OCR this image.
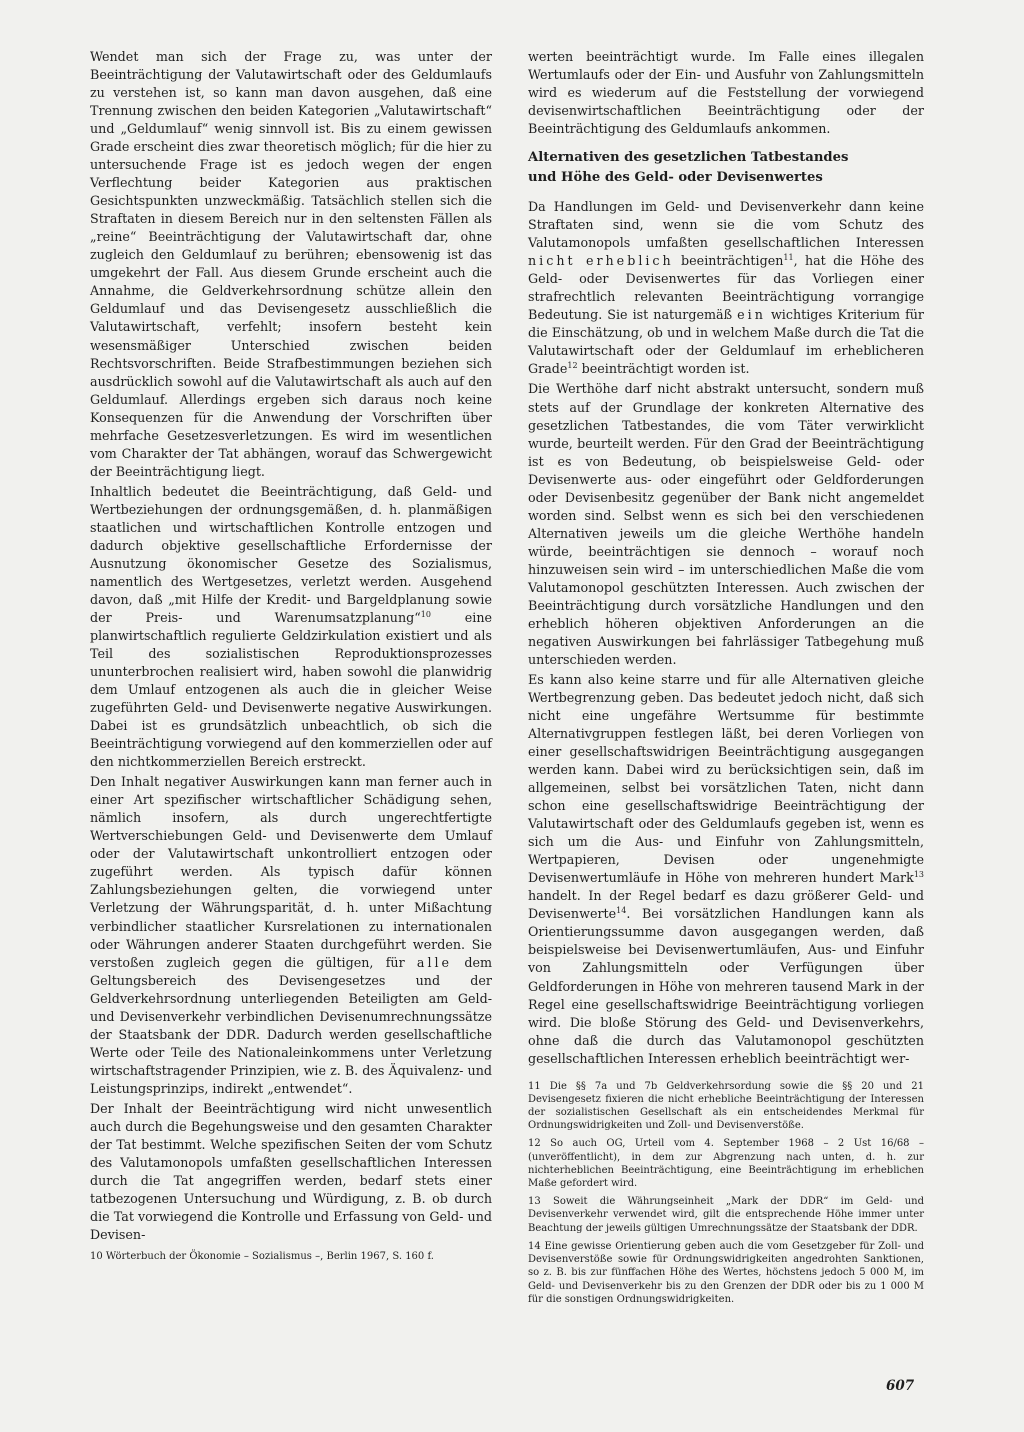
Wendet man sich der Frage zu, was unter der Beeinträchtigung der Valutawirtschaft oder des Geldumlaufs zu verstehen ist, so kann man davon ausgehen, daß eine Trennung zwischen den beiden Kategorien „Valutawirtschaft“ und „Geldumlauf“ wenig sinnvoll ist. Bis zu einem gewissen Grade erscheint dies zwar theoretisch möglich; für die hier zu untersuchende Frage ist es jedoch wegen der engen Verflechtung beider Kategorien aus praktischen Gesichtspunkten unzweckmäßig. Tatsächlich stellen sich die Straftaten in diesem Bereich nur in den seltensten Fällen als „reine“ Beeinträchtigung der Valutawirtschaft dar, ohne zugleich den Geldumlauf zu berühren; ebensowenig ist das umgekehrt der Fall. Aus diesem Grunde erscheint auch die Annahme, die Geldverkehrsordnung schütze allein den Geldumlauf und das Devisengesetz ausschließlich die Valutawirtschaft, verfehlt; insofern besteht kein wesensmäßiger Unterschied zwischen beiden Rechtsvorschriften. Beide Strafbestimmungen beziehen sich ausdrücklich sowohl auf die Valutawirtschaft als auch auf den Geldumlauf. Allerdings ergeben sich daraus noch keine Konsequenzen für die Anwendung der Vorschriften über mehrfache Gesetzesverletzungen. Es wird im wesentlichen vom Charakter der Tat abhängen, worauf das Schwergewicht der Beeinträchtigung liegt.

Inhaltlich bedeutet die Beeinträchtigung, daß Geld- und Wertbeziehungen der ordnungsgemäßen, d. h. planmäßigen staatlichen und wirtschaftlichen Kontrolle entzogen und dadurch objektive gesellschaftliche Erfordernisse der Ausnutzung ökonomischer Gesetze des Sozialismus, namentlich des Wertgesetzes, verletzt werden. Ausgehend davon, daß „mit Hilfe der Kredit- und Bargeldplanung sowie der Preis- und Warenumsatzplanung“$^{10}$ eine planwirtschaftlich regulierte Geldzirkulation existiert und als Teil des sozialistischen Reproduktionsprozesses ununterbrochen realisiert wird, haben sowohl die planwidrig dem Umlauf entzogenen als auch die in gleicher Weise zugeführten Geld- und Devisenwerte negative Auswirkungen. Dabei ist es grundsätzlich unbeachtlich, ob sich die Beeinträchtigung vorwiegend auf den kommerziellen oder auf den nichtkommerziellen Bereich erstreckt.

Den Inhalt negativer Auswirkungen kann man ferner auch in einer Art spezifischer wirtschaftlicher Schädigung sehen, nämlich insofern, als durch ungerechtfertigte Wertverschiebungen Geld- und Devisenwerte dem Umlauf oder der Valutawirtschaft unkontrolliert entzogen oder zugeführt werden. Als typisch dafür können Zahlungsbeziehungen gelten, die vorwiegend unter Verletzung der Währungsparität, d. h. unter Mißachtung verbindlicher staatlicher Kursrelationen zu internationalen oder Währungen anderer Staaten durchgeführt werden. Sie verstoßen zugleich gegen die gültigen, für alle dem Geltungsbereich des Devisengesetzes und der Geldverkehrsordnung unterliegenden Beteiligten am Geld- und Devisenverkehr verbindlichen Devisenumrechnungssätze der Staatsbank der DDR. Dadurch werden gesellschaftliche Werte oder Teile des Nationaleinkommens unter Verletzung wirtschaftstragender Prinzipien, wie z. B. des Äquivalenz- und Leistungsprinzips, indirekt „entwendet“.

Der Inhalt der Beeinträchtigung wird nicht unwesentlich auch durch die Begehungsweise und den gesamten Charakter der Tat bestimmt. Welche spezifischen Seiten der vom Schutz des Valutamonopols umfaßten gesellschaftlichen Interessen durch die Tat angegriffen werden, bedarf stets einer tatbezogenen Untersuchung und Würdigung, z. B. ob durch die Tat vorwiegend die Kontrolle und Erfassung von Geld- und Devisen-

10 Wörterbuch der Ökonomie – Sozialismus –, Berlin 1967, S. 160 f.

werten beeinträchtigt wurde. Im Falle eines illegalen Wertumlaufs oder der Ein- und Ausfuhr von Zahlungsmitteln wird es wiederum auf die Feststellung der vorwiegend devisenwirtschaftlichen Beeinträchtigung oder der Beeinträchtigung des Geldumlaufs ankommen.

Alternativen des gesetzlichen Tatbestandes
und Höhe des Geld- oder Devisenwertes

Da Handlungen im Geld- und Devisenverkehr dann keine Straftaten sind, wenn sie die vom Schutz des Valutamonopols umfaßten gesellschaftlichen Interessen nicht erheblich beeinträchtigen$^{11}$, hat die Höhe des Geld- oder Devisenwertes für das Vorliegen einer strafrechtlich relevanten Beeinträchtigung vorrangige Bedeutung. Sie ist naturgemäß ein wichtiges Kriterium für die Einschätzung, ob und in welchem Maße durch die Tat die Valutawirtschaft oder der Geldumlauf im erheblicheren Grade$^{12}$ beeinträchtigt worden ist.

Die Werthöhe darf nicht abstrakt untersucht, sondern muß stets auf der Grundlage der konkreten Alternative des gesetzlichen Tatbestandes, die vom Täter verwirklicht wurde, beurteilt werden. Für den Grad der Beeinträchtigung ist es von Bedeutung, ob beispielsweise Geld- oder Devisenwerte aus- oder eingeführt oder Geldforderungen oder Devisenbesitz gegenüber der Bank nicht angemeldet worden sind. Selbst wenn es sich bei den verschiedenen Alternativen jeweils um die gleiche Werthöhe handeln würde, beeinträchtigen sie dennoch – worauf noch hinzuweisen sein wird – im unterschiedlichen Maße die vom Valutamonopol geschützten Interessen. Auch zwischen der Beeinträchtigung durch vorsätzliche Handlungen und den erheblich höheren objektiven Anforderungen an die negativen Auswirkungen bei fahrlässiger Tatbegehung muß unterschieden werden.

Es kann also keine starre und für alle Alternativen gleiche Wertbegrenzung geben. Das bedeutet jedoch nicht, daß sich nicht eine ungefähre Wertsumme für bestimmte Alternativgruppen festlegen läßt, bei deren Vorliegen von einer gesellschaftswidrigen Beeinträchtigung ausgegangen werden kann. Dabei wird zu berücksichtigen sein, daß im allgemeinen, selbst bei vorsätzlichen Taten, nicht dann schon eine gesellschaftswidrige Beeinträchtigung der Valutawirtschaft oder des Geldumlaufs gegeben ist, wenn es sich um die Aus- und Einfuhr von Zahlungsmitteln, Wertpapieren, Devisen oder ungenehmigte Devisenwertumläufe in Höhe von mehreren hundert Mark$^{13}$ handelt. In der Regel bedarf es dazu größerer Geld- und Devisenwerte$^{14}$. Bei vorsätzlichen Handlungen kann als Orientierungssumme davon ausgegangen werden, daß beispielsweise bei Devisenwertumläufen, Aus- und Einfuhr von Zahlungsmitteln oder Verfügungen über Geldforderungen in Höhe von mehreren tausend Mark in der Regel eine gesellschaftswidrige Beeinträchtigung vorliegen wird. Die bloße Störung des Geld- und Devisenverkehrs, ohne daß die durch das Valutamonopol geschützten gesellschaftlichen Interessen erheblich beeinträchtigt wer-

11 Die §§ 7a und 7b Geldverkehrsordung sowie die §§ 20 und 21 Devisengesetz fixieren die nicht erhebliche Beeinträchtigung der Interessen der sozialistischen Gesellschaft als ein entscheidendes Merkmal für Ordnungswidrigkeiten und Zoll- und Devisenverstöße.

12 So auch OG, Urteil vom 4. September 1968 – 2 Ust 16/68 – (unveröffentlicht), in dem zur Abgrenzung nach unten, d. h. zur nichterheblichen Beeinträchtigung, eine Beeinträchtigung im erheblichen Maße gefordert wird.

13 Soweit die Währungseinheit „Mark der DDR“ im Geld- und Devisenverkehr verwendet wird, gilt die entsprechende Höhe immer unter Beachtung der jeweils gültigen Umrechnungssätze der Staatsbank der DDR.

14 Eine gewisse Orientierung geben auch die vom Gesetzgeber für Zoll- und Devisenverstöße sowie für Ordnungswidrigkeiten angedrohten Sanktionen, so z. B. bis zur fünffachen Höhe des Wertes, höchstens jedoch 5 000 M, im Geld- und Devisenverkehr bis zu den Grenzen der DDR oder bis zu 1 000 M für die sonstigen Ordnungswidrigkeiten.

607
